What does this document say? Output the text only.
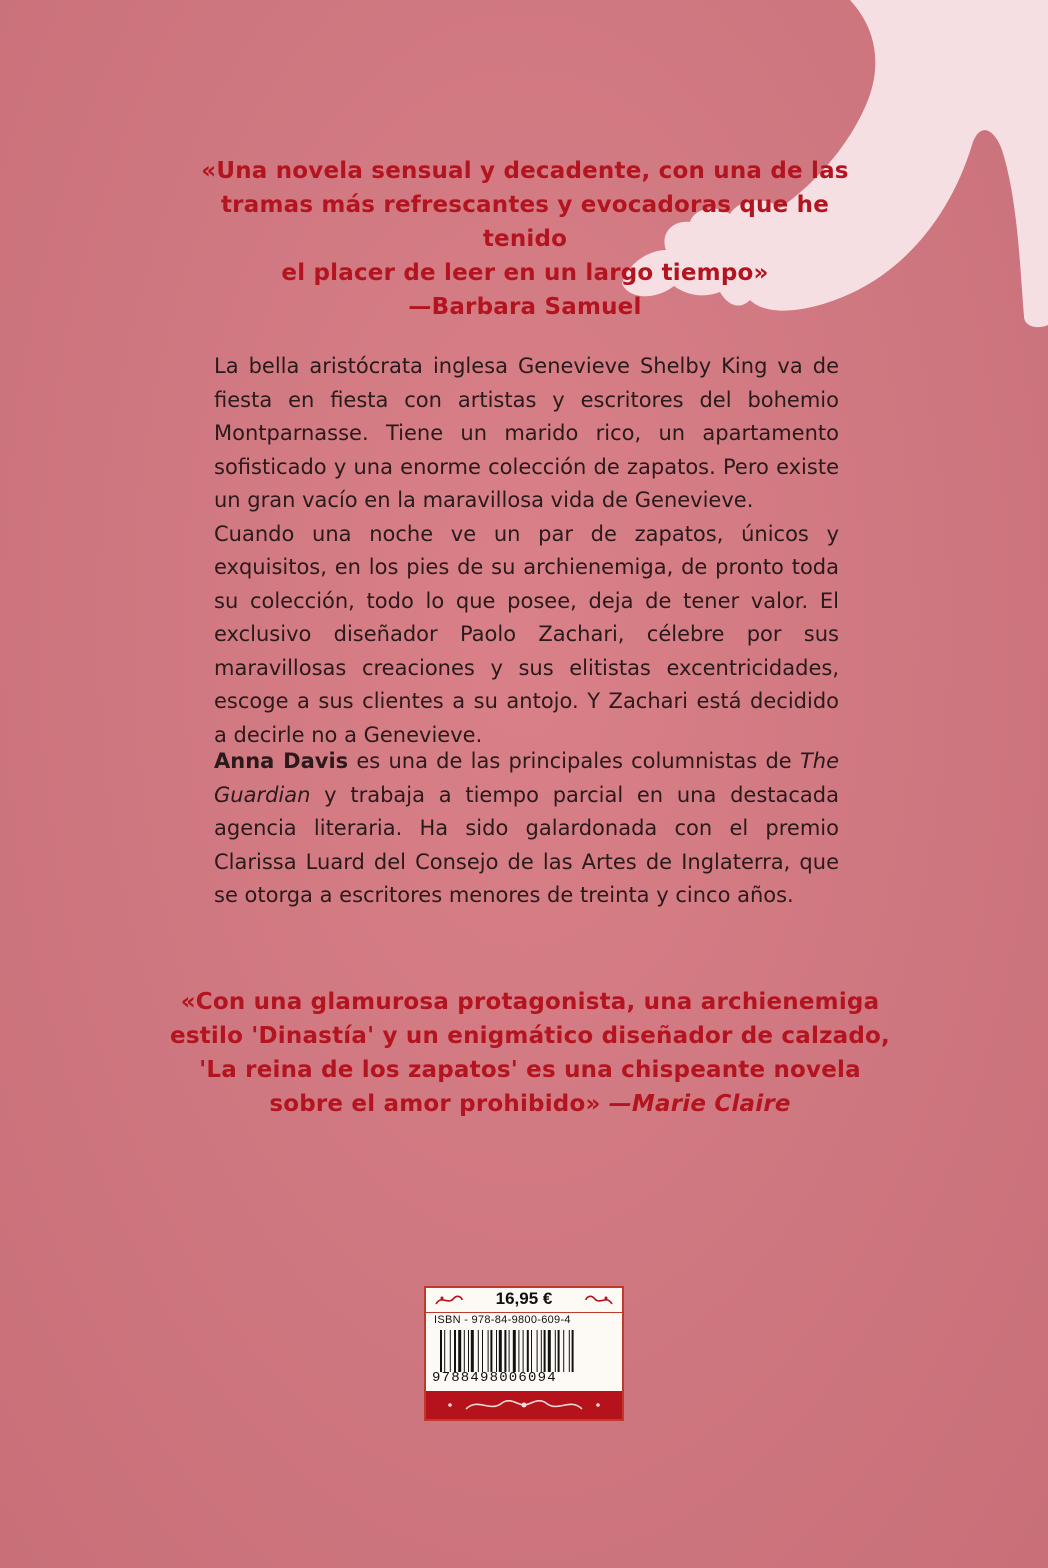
«Una novela sensual y decadente, con una de las
tramas más refrescantes y evocadoras que he tenido
el placer de leer en un largo tiempo»
—Barbara Samuel

La bella aristócrata inglesa Genevieve Shelby King va de fiesta en fiesta con artistas y escritores del bohemio Montparnasse. Tiene un marido rico, un apartamento sofisticado y una enorme colección de zapatos. Pero existe un gran vacío en la maravillosa vida de Genevieve.

Cuando una noche ve un par de zapatos, únicos y exquisitos, en los pies de su archienemiga, de pronto toda su colección, todo lo que posee, deja de tener valor. El exclusivo diseñador Paolo Zachari, célebre por sus maravillosas creaciones y sus elitistas excentricidades, escoge a sus clientes a su antojo. Y Zachari está decidido a decirle no a Genevieve.

Anna Davis es una de las principales columnistas de The Guardian y trabaja a tiempo parcial en una destacada agencia literaria. Ha sido galardonada con el premio Clarissa Luard del Consejo de las Artes de Inglaterra, que se otorga a escritores menores de treinta y cinco años.

«Con una glamurosa protagonista, una archienemiga
estilo 'Dinastía' y un enigmático diseñador de calzado,
'La reina de los zapatos' es una chispeante novela
sobre el amor prohibido» —Marie Claire
16,95 €
ISBN - 978-84-9800-609-4
9788498006094
